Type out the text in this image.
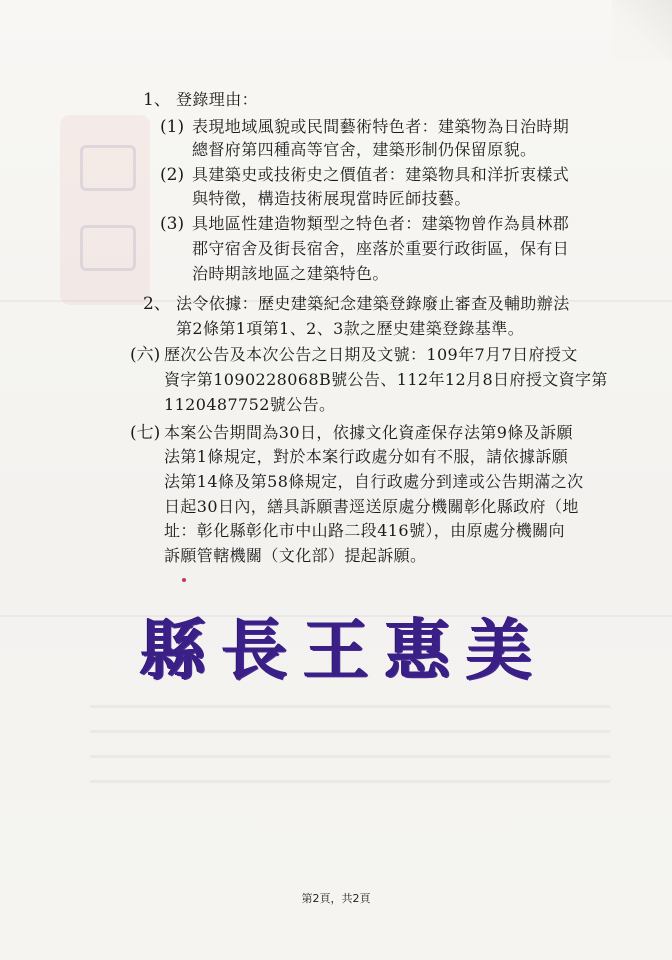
1、 登錄理由：
(1) 表現地域風貌或民間藝術特色者：建築物為日治時期
總督府第四種高等官舍，建築形制仍保留原貌。
(2) 具建築史或技術史之價值者：建築物具和洋折衷樣式
與特徵，構造技術展現當時匠師技藝。
(3) 具地區性建造物類型之特色者：建築物曾作為員林郡
郡守宿舍及街長宿舍，座落於重要行政街區，保有日
治時期該地區之建築特色。
2、 法令依據：歷史建築紀念建築登錄廢止審查及輔助辦法
第2條第1項第1、2、3款之歷史建築登錄基準。
(六) 歷次公告及本次公告之日期及文號：109年7月7日府授文
資字第1090228068B號公告、112年12月8日府授文資字第
1120487752號公告。
(七) 本案公告期間為30日，依據文化資產保存法第9條及訴願
法第1條規定，對於本案行政處分如有不服，請依據訴願
法第14條及第58條規定，自行政處分到達或公告期滿之次
日起30日內，繕具訴願書逕送原處分機關彰化縣政府（地
址：彰化縣彰化市中山路二段416號），由原處分機關向
訴願管轄機關（文化部）提起訴願。
縣 長 王 惠 美
第2頁，共2頁
